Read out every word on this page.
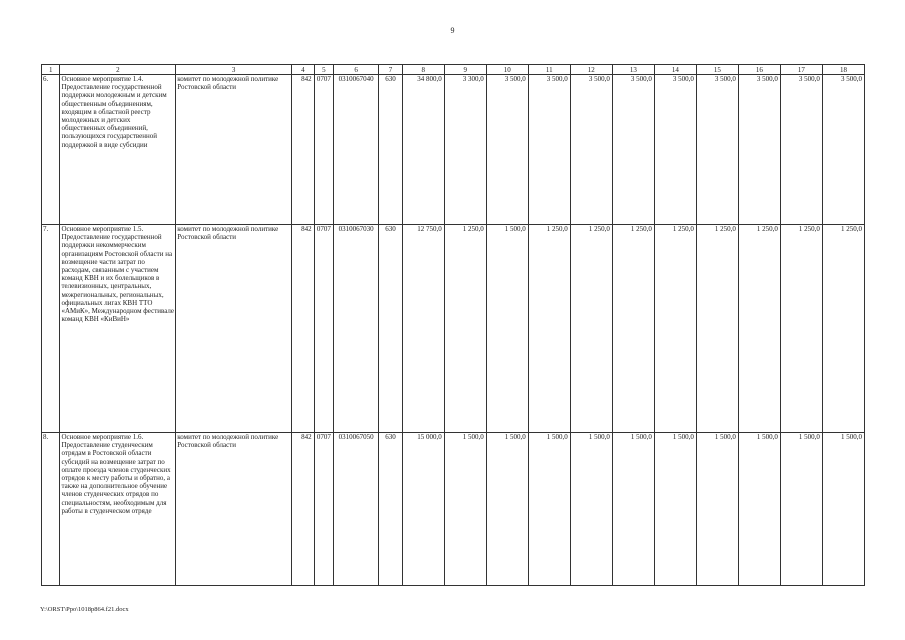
9
1	2	3	4	5	6	7	8	9	10	11	12	13	14	15	16	17	18
6.	Основное мероприятие 1.4. Предоставление государственной поддержки молодежным и детским общественным объединениям, входящим в областной реестр молодежных и детских общественных объединений, пользующихся государственной поддержкой в виде субсидии	комитет по молодежной политике Ростовской области	842	0707	0310067040	630	34 800,0	3 300,0	3 500,0	3 500,0	3 500,0	3 500,0	3 500,0	3 500,0	3 500,0	3 500,0	3 500,0
7.	Основное мероприятие 1.5. Предоставление государственной поддержки некоммерческим организациям Ростовской области на возмещение части затрат по расходам, связанным с участием команд КВН и их болельщиков в телевизионных, центральных, межрегиональных, региональных, официальных лигах КВН ТТО «АМиК», Международном фестивале команд КВН «КиВиН»	комитет по молодежной политике Ростовской области	842	0707	0310067030	630	12 750,0	1 250,0	1 500,0	1 250,0	1 250,0	1 250,0	1 250,0	1 250,0	1 250,0	1 250,0	1 250,0
8.	Основное мероприятие 1.6. Предоставление студенческим отрядам в Ростовской области субсидий на возмещение затрат по оплате проезда членов студенческих отрядов к месту работы и обратно, а также на дополнительное обучение членов студенческих отрядов по специальностям, необходимым для работы в студенческом отряде	комитет по молодежной политике Ростовской области	842	0707	0310067050	630	15 000,0	1 500,0	1 500,0	1 500,0	1 500,0	1 500,0	1 500,0	1 500,0	1 500,0	1 500,0	1 500,0
Y:\ORST\Ppo\1018p864.f21.docx
